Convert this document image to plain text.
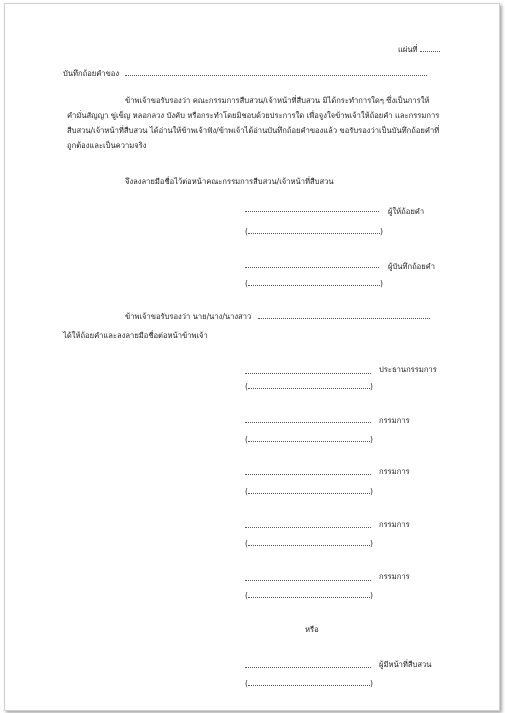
แผ่นที่
บันทึกถ้อยคำของ
ข้าพเจ้าขอรับรองว่า คณะกรรมการสืบสวน/เจ้าหน้าที่สืบสวน มิได้กระทำการใดๆ ซึ่งเป็นการให้คำมั่นสัญญา ขู่เข็ญ หลอกลวง บังคับ หรือกระทำโดยมิชอบด้วยประการใด เพื่อจูงใจข้าพเจ้าให้ถ้อยคำ และกรรมการสืบสวน/เจ้าหน้าที่สืบสวน ได้อ่านให้ข้าพเจ้าฟัง/ข้าพเจ้าได้อ่านบันทึกถ้อยคำของแล้ว ขอรับรองว่าเป็นบันทึกถ้อยคำที่ถูกต้องและเป็นความจริง
จึงลงลายมือชื่อไว้ต่อหน้าคณะกรรมการสืบสวน/เจ้าหน้าที่สืบสวน
ผู้ให้ถ้อยคำ
(	)
ผู้บันทึกถ้อยคำ
(	)
ข้าพเจ้าขอรับรองว่า นาย/นาง/นางสาว
ได้ให้ถ้อยคำและลงลายมือชื่อต่อหน้าข้าพเจ้า
ประธานกรรมการ
(	)
กรรมการ
(	)
กรรมการ
(	)
กรรมการ
(	)
กรรมการ
(	)
หรือ
ผู้มีหน้าที่สืบสวน
(	)
